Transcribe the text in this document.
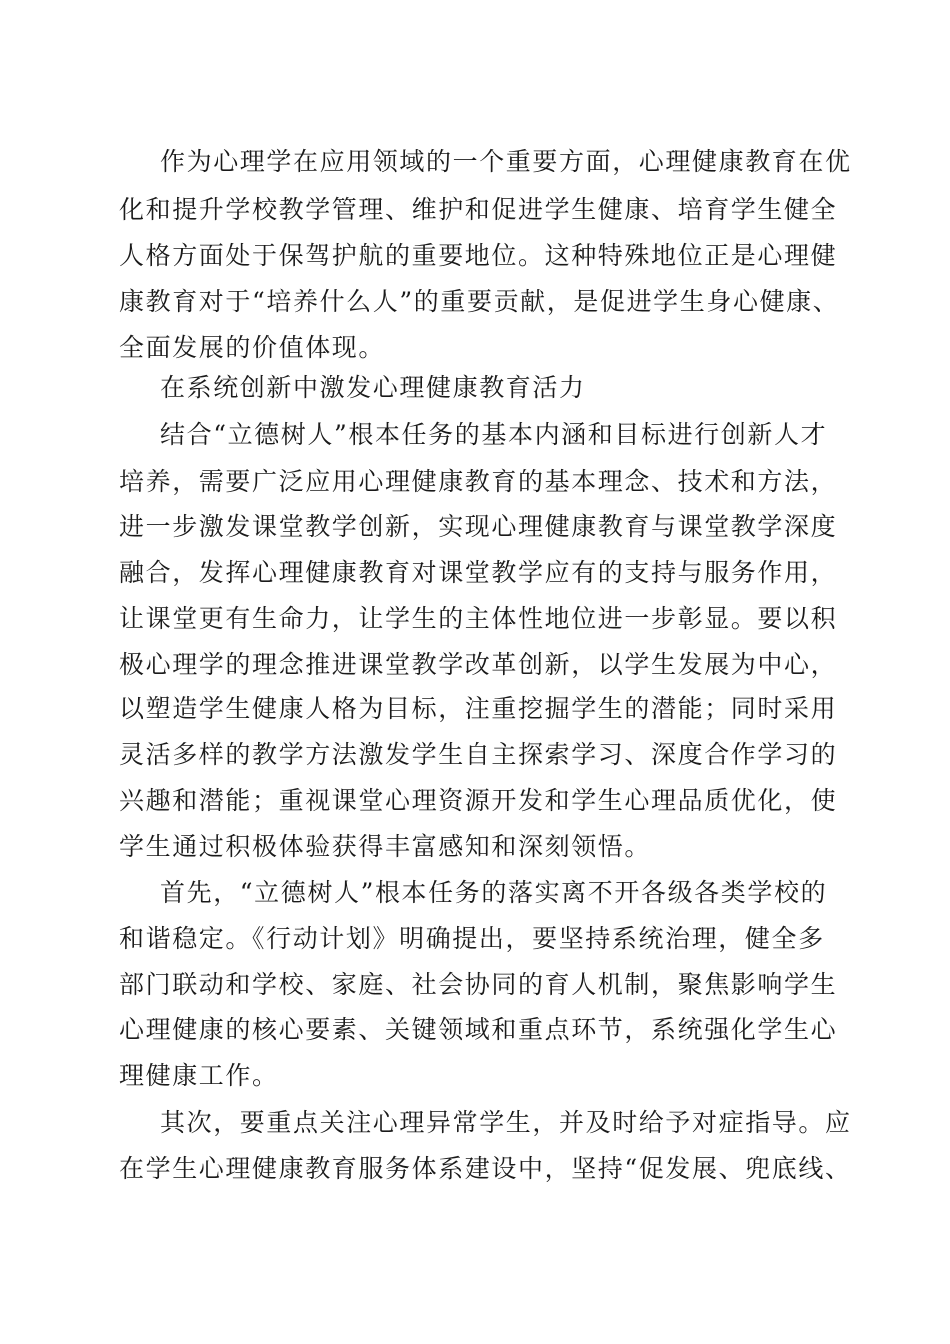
作为心理学在应用领域的一个重要方面，心理健康教育在优
化和提升学校教学管理、维护和促进学生健康、培育学生健全
人格方面处于保驾护航的重要地位。这种特殊地位正是心理健
康教育对于“培养什么人”的重要贡献，是促进学生身心健康、
全面发展的价值体现。
在系统创新中激发心理健康教育活力
结合“立德树人”根本任务的基本内涵和目标进行创新人才
培养，需要广泛应用心理健康教育的基本理念、技术和方法，
进一步激发课堂教学创新，实现心理健康教育与课堂教学深度
融合，发挥心理健康教育对课堂教学应有的支持与服务作用，
让课堂更有生命力，让学生的主体性地位进一步彰显。要以积
极心理学的理念推进课堂教学改革创新，以学生发展为中心，
以塑造学生健康人格为目标，注重挖掘学生的潜能；同时采用
灵活多样的教学方法激发学生自主探索学习、深度合作学习的
兴趣和潜能；重视课堂心理资源开发和学生心理品质优化，使
学生通过积极体验获得丰富感知和深刻领悟。
首先，“立德树人”根本任务的落实离不开各级各类学校的
和谐稳定。《行动计划》明确提出，要坚持系统治理，健全多
部门联动和学校、家庭、社会协同的育人机制，聚焦影响学生
心理健康的核心要素、关键领域和重点环节，系统强化学生心
理健康工作。
其次，要重点关注心理异常学生，并及时给予对症指导。应
在学生心理健康教育服务体系建设中，坚持“促发展、兜底线、
